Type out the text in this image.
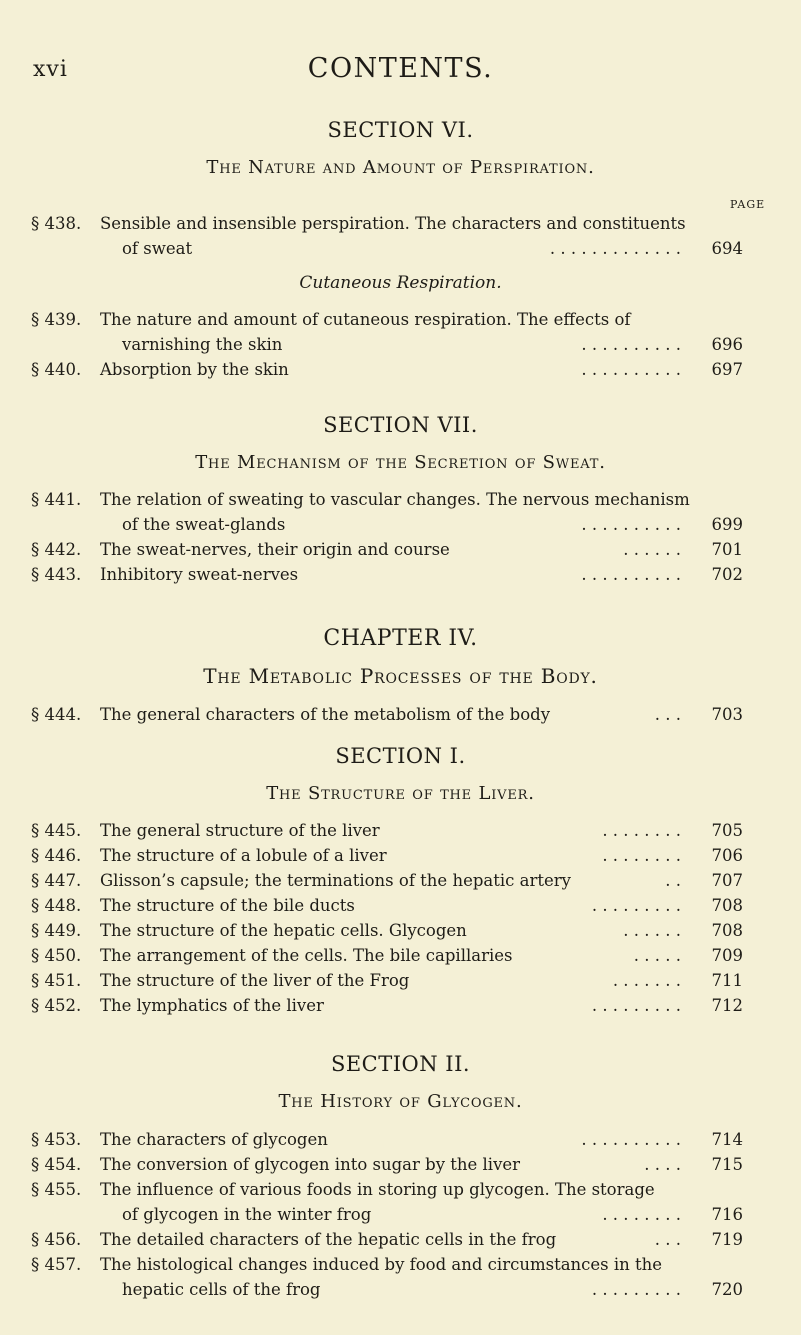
xvi	CONTENTS.
SECTION VI.
The Nature and Amount of Perspiration.
PAGE
§ 438.	Sensible and insensible perspiration. The characters and constituents
of sweat	. . . . . . . . . . . . .	694
Cutaneous Respiration.
§ 439.	The nature and amount of cutaneous respiration. The effects of
varnishing the skin	. . . . . . . . . .	696
§ 440.	Absorption by the skin	. . . . . . . . . .	697
SECTION VII.
The Mechanism of the Secretion of Sweat.
§ 441.	The relation of sweating to vascular changes. The nervous mechanism
of the sweat-glands	. . . . . . . . . .	699
§ 442.	The sweat-nerves, their origin and course	. . . . . .	701
§ 443.	Inhibitory sweat-nerves	. . . . . . . . . .	702
CHAPTER IV.
The Metabolic Processes of the Body.
§ 444.	The general characters of the metabolism of the body	. . .	703
SECTION I.
The Structure of the Liver.
§ 445.	The general structure of the liver	. . . . . . . .	705
§ 446.	The structure of a lobule of a liver	. . . . . . . .	706
§ 447.	Glisson’s capsule; the terminations of the hepatic artery	. .	707
§ 448.	The structure of the bile ducts	. . . . . . . . .	708
§ 449.	The structure of the hepatic cells. Glycogen	. . . . . .	708
§ 450.	The arrangement of the cells. The bile capillaries	. . . . .	709
§ 451.	The structure of the liver of the Frog	. . . . . . .	711
§ 452.	The lymphatics of the liver	. . . . . . . . .	712
SECTION II.
The History of Glycogen.
§ 453.	The characters of glycogen	. . . . . . . . . .	714
§ 454.	The conversion of glycogen into sugar by the liver	. . . .	715
§ 455.	The influence of various foods in storing up glycogen. The storage
of glycogen in the winter frog	. . . . . . . .	716
§ 456.	The detailed characters of the hepatic cells in the frog	. . .	719
§ 457.	The histological changes induced by food and circumstances in the
hepatic cells of the frog	. . . . . . . . .	720
